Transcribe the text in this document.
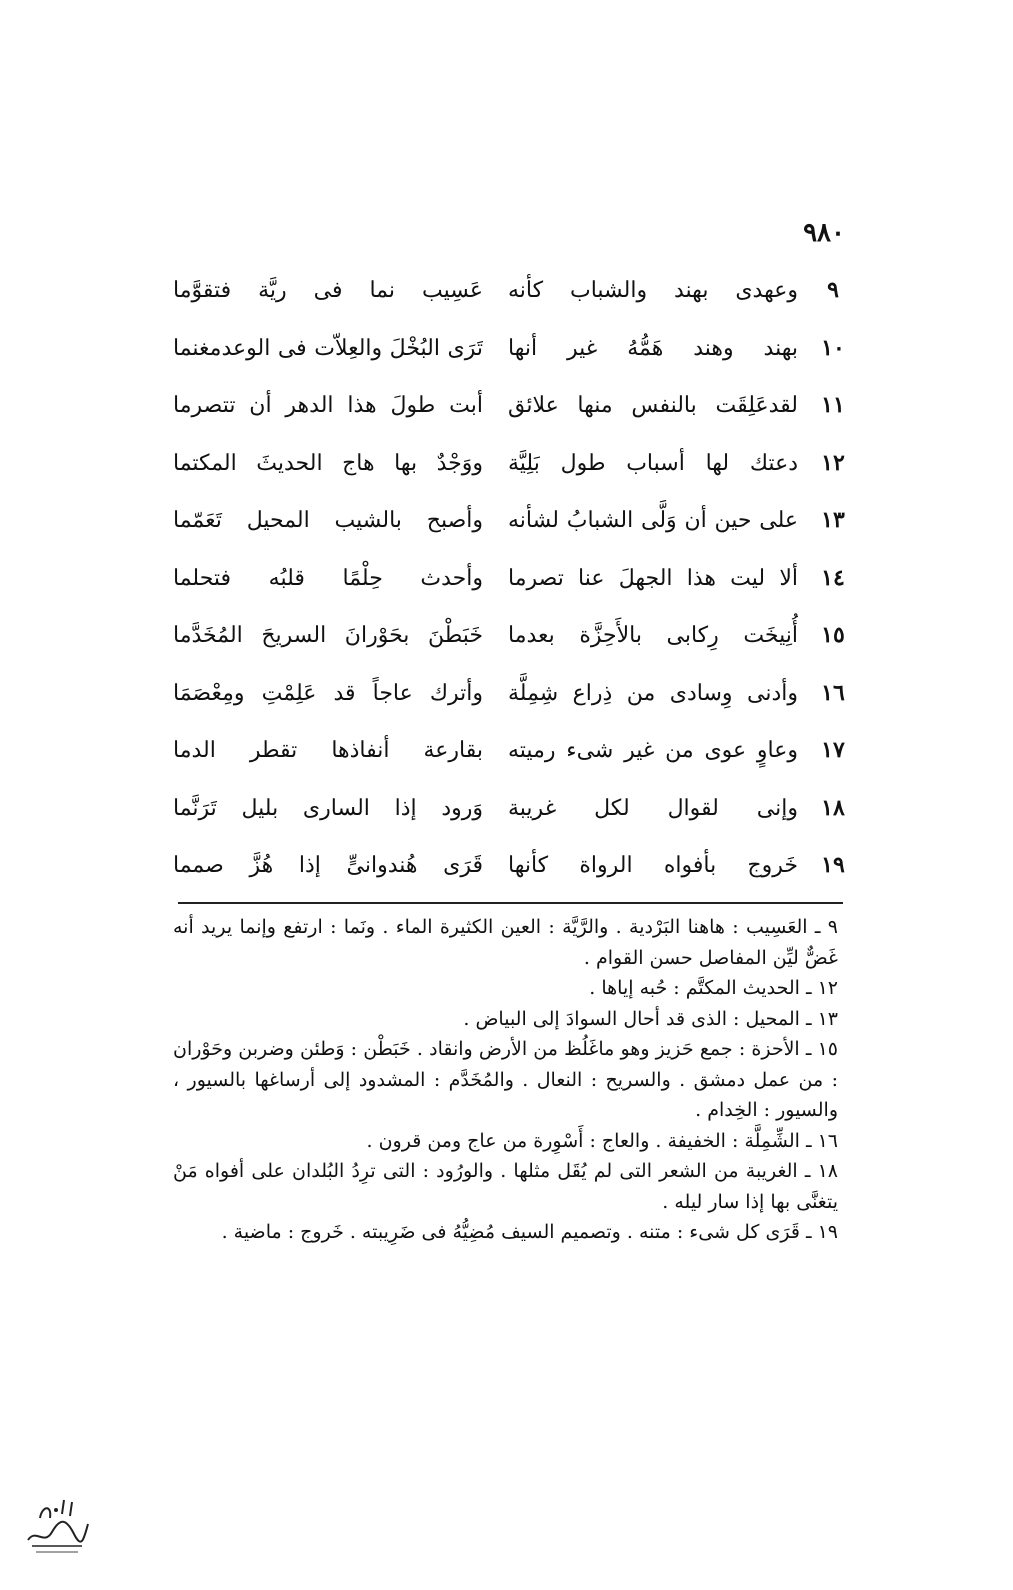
٩٨٠
٩
وعهدى بهند والشباب كأنه
عَسِيب نما فى ريَّة فتقوَّما
١٠
بهند وهند هَمُّهُ غير أنها
تَرَى البُخْلَ والعِلاّت فى الوعدمغنما
١١
لقدعَلِقَت بالنفس منها علائق
أبت طولَ هذا الدهر أن تتصرما
١٢
دعتك لها أسباب طول بَلِيَّة
ووَجْدٌ بها هاج الحديثَ المكتما
١٣
على حين أن وَلَّى الشبابُ لشأنه
وأصبح بالشيب المحيل تَعَمّما
١٤
ألا ليت هذا الجهلَ عنا تصرما
وأحدث حِلْمًا قلبُه فتحلما
١٥
أُنِيخَت رِكابى بالأَحِزَّة بعدما
خَبَطْنَ بحَوْرانَ السريحَ المُخَدَّما
١٦
وأدنى وِسادى من ذِراع شِمِلَّة
وأترك عاجاً قد عَلِمْتِ ومِعْصَمَا
١٧
وعاوٍ عوى من غير شىء رميته
بقارعة أنفاذها تقطر الدما
١٨
وإنى لقوال لكل غريبة
وَرود إذا السارى بليل تَرَنَّما
١٩
خَروج بأفواه الرواة كأنها
قَرَى هُندوانىٍّ إذا هُزَّ صمما

٩ ـ العَسِيب : هاهنا البَرْدية . والرَّيَّة : العين الكثيرة الماء . ونَما : ارتفع وإنما يريد أنه غَضٌّ ليِّن المفاصل حسن القوام .

١٢ ـ الحديث المكتَّم : حُبه إياها .

١٣ ـ المحيل : الذى قد أحال السوادَ إلى البياض .

١٥ ـ الأحزة : جمع حَزيز وهو ماغَلُظ من الأرض وانقاد . خَبَطْن : وَطئن وضربن وحَوْران : من عمل دمشق . والسريح : النعال . والمُخَدَّم : المشدود إلى أرساغها بالسيور ، والسيور : الخِدام .

١٦ ـ الشِّمِلَّة : الخفيفة . والعاج : أَسْوِرة من عاج ومن قرون .

١٨ ـ الغريبة من الشعر التى لم يُقَل مثلها . والورُود : التى ترِدُ البُلدان على أفواه مَنْ يتغنَّى بها إذا سار ليله .

١٩ ـ قَرَى كل شىء : متنه . وتصميم السيف مُضِيُّهُ فى ضَرِيبته . خَروج : ماضية .
